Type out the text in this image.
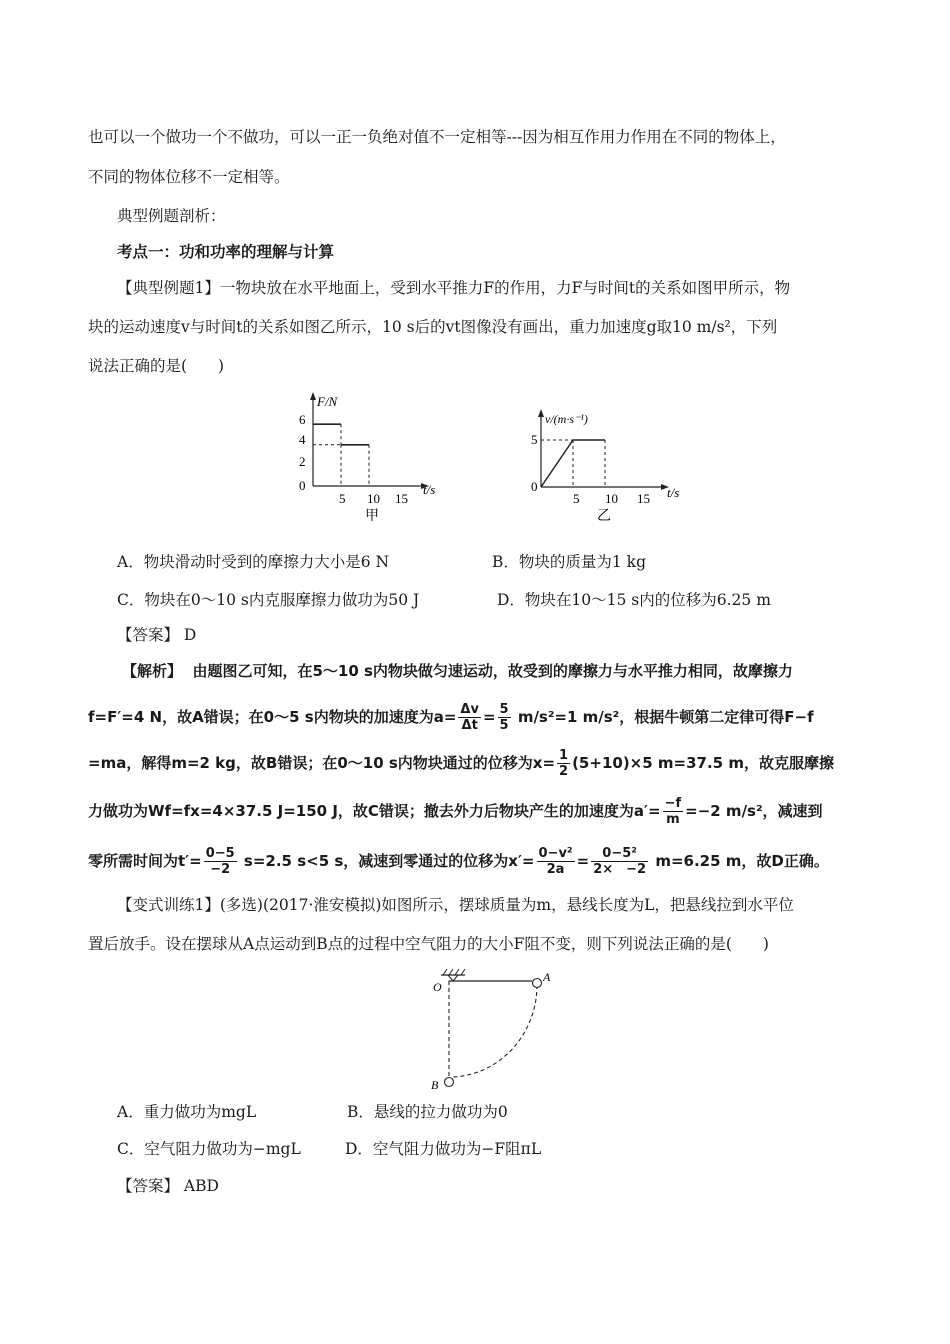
也可以一个做功一个不做功，可以一正一负绝对值不一定相等---因为相互作用力作用在不同的物体上，
不同的物体位移不一定相等。
典型例题剖析：
考点一：功和功率的理解与计算
【典型例题1】一物块放在水平地面上，受到水平推力F的作用，力F与时间t的关系如图甲所示，物
块的运动速度v与时间t的关系如图乙所示，10 s后的vt图像没有画出，重力加速度g取10 m/s²，下列
说法正确的是(　　)
F/N
6
4
2
0
5 10 15
t/s
甲
v/(m·s⁻¹)
5
0
5 10 15 t/s
乙
A．物块滑动时受到的摩擦力大小是6 N	B．物块的质量为1 kg
C．物块在0～10 s内克服摩擦力做功为50 J	D．物块在10～15 s内的位移为6.25 m
【答案】 D
【解析】 由题图乙可知，在5～10 s内物块做匀速运动，故受到的摩擦力与水平推力相同，故摩擦力
f=F′=4 N，故A错误；在0～5 s内物块的加速度为$a= \frac{\Delta v}{\Delta t} = \frac{5}{5} m/s^2=1$ m/s²，根据牛顿第二定律可得F−f
=ma，解得m=2 kg，故B错误；在0～10 s内物块通过的位移为$x= \frac{1}{2} (5+10)\times 5$ m=37.5 m，故克服摩擦
力做功为Wf=fx=4×37.5 J=150 J，故C错误；撤去外力后物块产生的加速度为$a'= \frac{-f}{m} =-2$ m/s²，减速到
零所需时间为$t'= \frac{0-5}{-2} s=2.5$ s<5 s，减速到零通过的位移为$x'= \frac{\text{0−v²}}{2a} = \frac{\text{0−5²}}{2\times -2} m=6.25$ m，故D正确。
【变式训练1】(多选)(2017·淮安模拟)如图所示，摆球质量为m，悬线长度为L，把悬线拉到水平位
置后放手。设在摆球从A点运动到B点的过程中空气阻力的大小F阻不变，则下列说法正确的是(　　)
O
A
B
A．重力做功为mgL	B．悬线的拉力做功为0
C．空气阻力做功为−mgL	D．空气阻力做功为−F阻πL
【答案】 ABD
